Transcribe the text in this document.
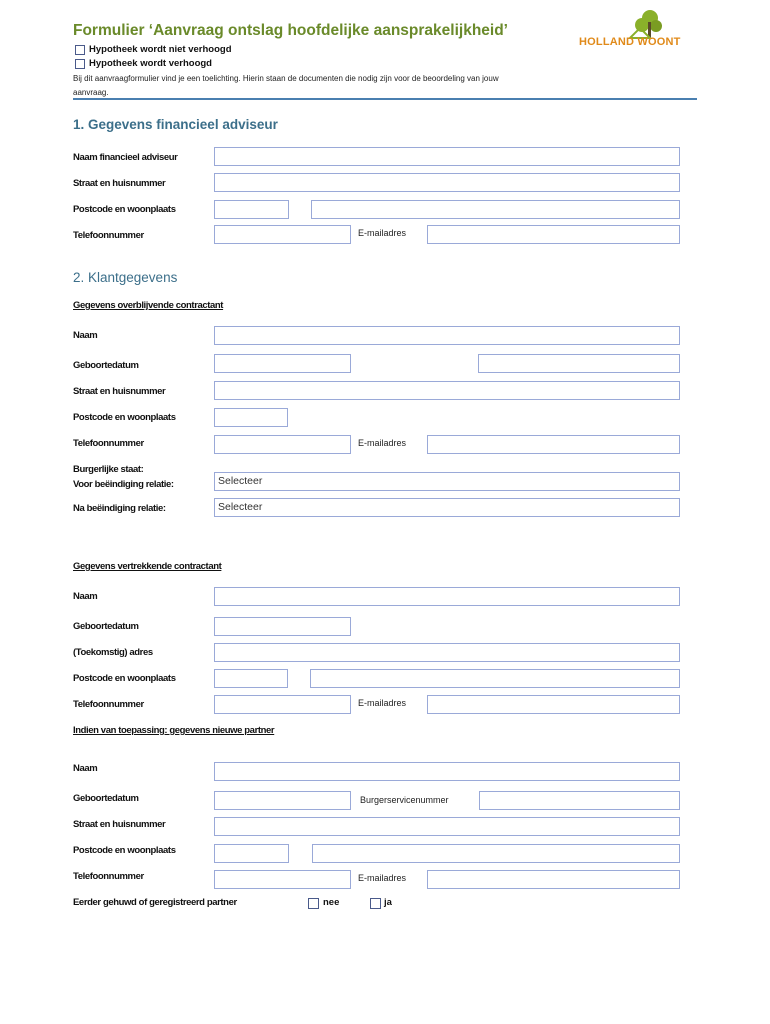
Formulier ‘Aanvraag ontslag hoofdelijke aansprakelijkheid’
HOLLAND WOONT
Hypotheek wordt niet verhoogd
Hypotheek wordt verhoogd
Bij dit aanvraagformulier vind je een toelichting. Hierin staan de documenten die nodig zijn voor de beoordeling van jouw
aanvraag.
1. Gegevens financieel adviseur
Naam financieel adviseur
Straat en huisnummer
Postcode en woonplaats
Telefoonnummer	E-mailadres
2. Klantgegevens
Gegevens overblijvende contractant
Naam
Geboortedatum
Straat en huisnummer
Postcode en woonplaats
Telefoonnummer	E-mailadres
Burgerlijke staat:
Voor beëindiging relatie:	Selecteer
Na beëindiging relatie:	Selecteer
Gegevens vertrekkende contractant
Naam
Geboortedatum
(Toekomstig) adres
Postcode en woonplaats
Telefoonnummer	E-mailadres
Indien van toepassing: gegevens nieuwe partner
Naam
Geboortedatum	Burgerservicenummer
Straat en huisnummer
Postcode en woonplaats
Telefoonnummer	E-mailadres
Eerder gehuwd of geregistreerd partner	nee	ja
